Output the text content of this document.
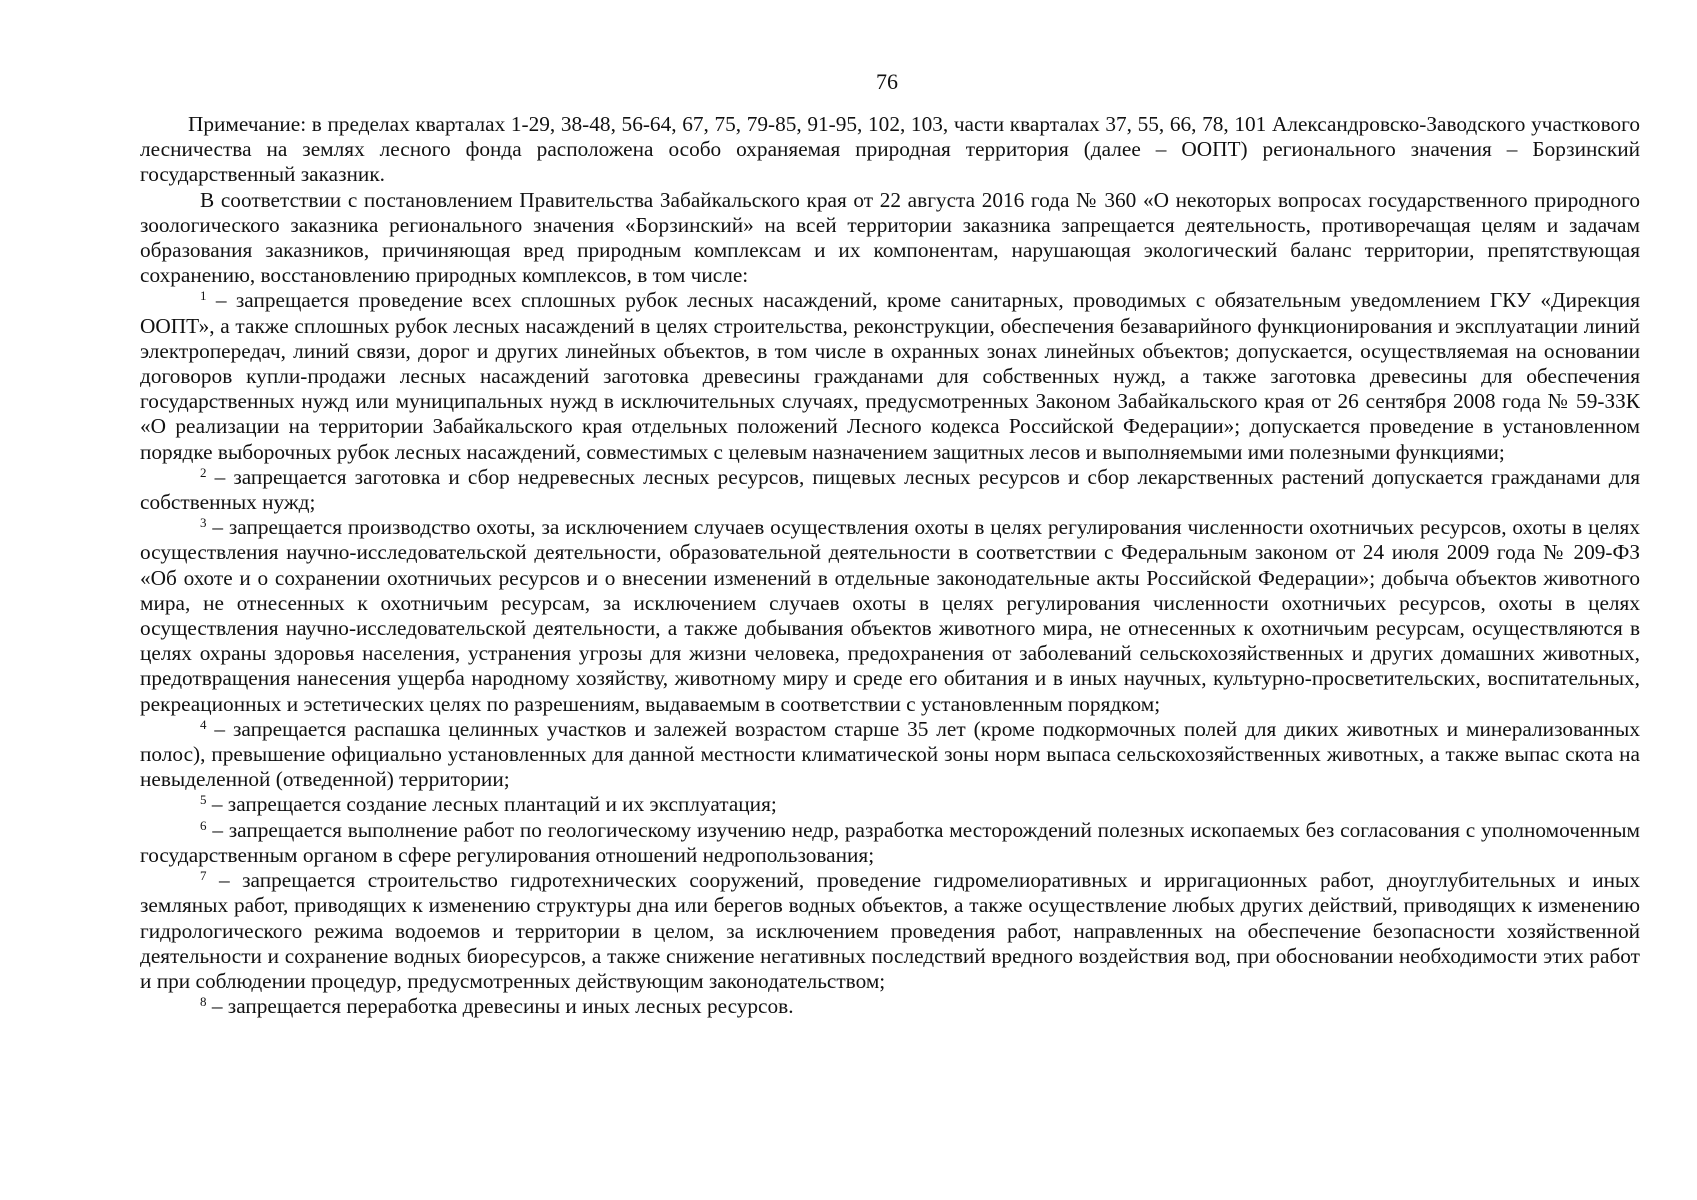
76

Примечание: в пределах кварталах 1-29, 38-48, 56-64, 67, 75, 79-85, 91-95, 102, 103, части кварталах 37, 55, 66, 78, 101 Александровско-Заводского участкового лесничества на землях лесного фонда расположена особо охраняемая природная территория (далее – ООПТ) регионального значения – Борзинский государственный заказник.

В соответствии с постановлением Правительства Забайкальского края от 22 августа 2016 года № 360 «О некоторых вопросах государственного природного зоологического заказника регионального значения «Борзинский» на всей территории заказника запрещается деятельность, противоречащая целям и задачам образования заказников, причиняющая вред природным комплексам и их компонентам, нарушающая экологический баланс территории, препятствующая сохранению, восстановлению природных комплексов, в том числе:

$^1$ – запрещается проведение всех сплошных рубок лесных насаждений, кроме санитарных, проводимых с обязательным уведомлением ГКУ «Дирекция ООПТ», а также сплошных рубок лесных насаждений в целях строительства, реконструкции, обеспечения безаварийного функционирования и эксплуатации линий электропередач, линий связи, дорог и других линейных объектов, в том числе в охранных зонах линейных объектов; допускается, осуществляемая на основании договоров купли-продажи лесных насаждений заготовка древесины гражданами для собственных нужд, а также заготовка древесины для обеспечения государственных нужд или муниципальных нужд в исключительных случаях, предусмотренных Законом Забайкальского края от 26 сентября 2008 года № 59-ЗЗК «О реализации на территории Забайкальского края отдельных положений Лесного кодекса Российской Федерации»; допускается проведение в установленном порядке выборочных рубок лесных насаждений, совместимых с целевым назначением защитных лесов и выполняемыми ими полезными функциями;

$^2$ – запрещается заготовка и сбор недревесных лесных ресурсов, пищевых лесных ресурсов и сбор лекарственных растений допускается гражданами для собственных нужд;

$^3$ – запрещается производство охоты, за исключением случаев осуществления охоты в целях регулирования численности охотничьих ресурсов, охоты в целях осуществления научно-исследовательской деятельности, образовательной деятельности в соответствии с Федеральным законом от 24 июля 2009 года № 209-ФЗ «Об охоте и о сохранении охотничьих ресурсов и о внесении изменений в отдельные законодательные акты Российской Федерации»; добыча объектов животного мира, не отнесенных к охотничьим ресурсам, за исключением случаев охоты в целях регулирования численности охотничьих ресурсов, охоты в целях осуществления научно-исследовательской деятельности, а также добывания объектов животного мира, не отнесенных к охотничьим ресурсам, осуществляются в целях охраны здоровья населения, устранения угрозы для жизни человека, предохранения от заболеваний сельскохозяйственных и других домашних животных, предотвращения нанесения ущерба народному хозяйству, животному миру и среде его обитания и в иных научных, культурно-просветительских, воспитательных, рекреационных и эстетических целях по разрешениям, выдаваемым в соответствии с установленным порядком;

$^4$ – запрещается распашка целинных участков и залежей возрастом старше 35 лет (кроме подкормочных полей для диких животных и минерализованных полос), превышение официально установленных для данной местности климатической зоны норм выпаса сельскохозяйственных животных, а также выпас скота на невыделенной (отведенной) территории;

$^5$ – запрещается создание лесных плантаций и их эксплуатация;

$^6$ – запрещается выполнение работ по геологическому изучению недр, разработка месторождений полезных ископаемых без согласования с уполномоченным государственным органом в сфере регулирования отношений недропользования;

$^7$ – запрещается строительство гидротехнических сооружений, проведение гидромелиоративных и ирригационных работ, дноуглубительных и иных земляных работ, приводящих к изменению структуры дна или берегов водных объектов, а также осуществление любых других действий, приводящих к изменению гидрологического режима водоемов и территории в целом, за исключением проведения работ, направленных на обеспечение безопасности хозяйственной деятельности и сохранение водных биоресурсов, а также снижение негативных последствий вредного воздействия вод, при обосновании необходимости этих работ и при соблюдении процедур, предусмотренных действующим законодательством;

$^8$ – запрещается переработка древесины и иных лесных ресурсов.
